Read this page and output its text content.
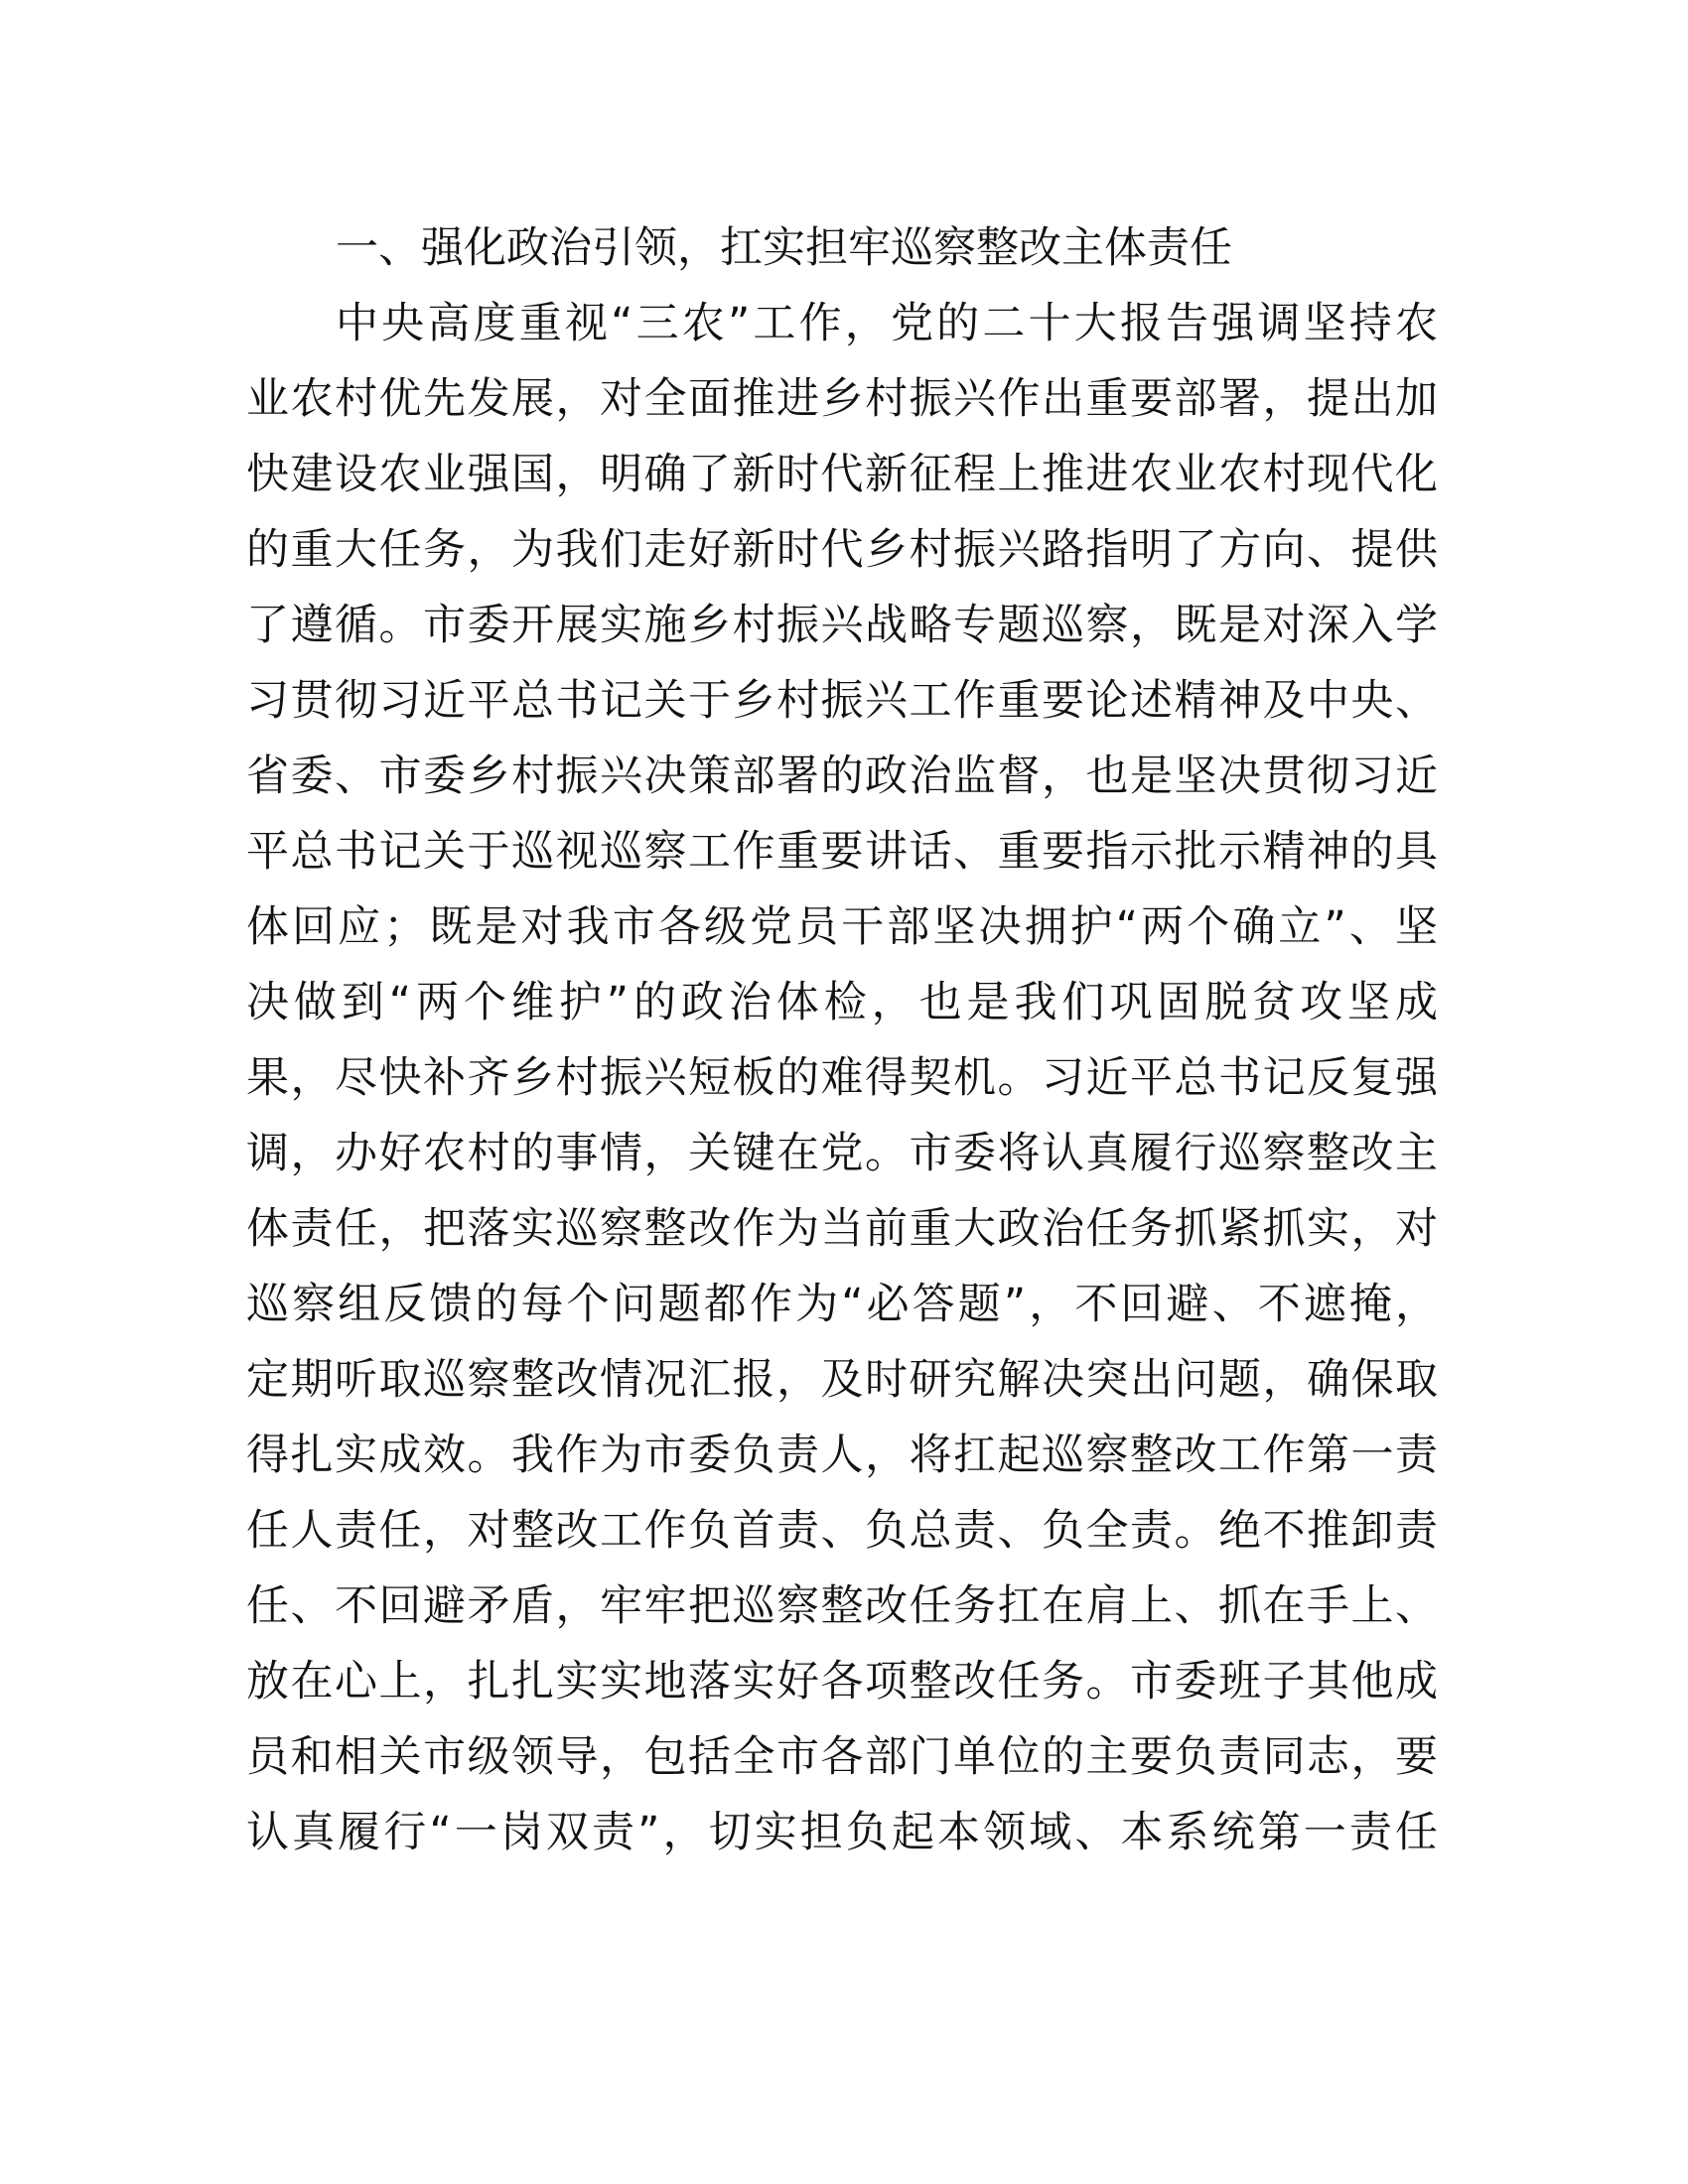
一、强化政治引领，扛实担牢巡察整改主体责任
中央高度重视“三农”工作，党的二十大报告强调坚持农
业农村优先发展，对全面推进乡村振兴作出重要部署，提出加
快建设农业强国，明确了新时代新征程上推进农业农村现代化
的重大任务，为我们走好新时代乡村振兴路指明了方向、提供
了遵循。市委开展实施乡村振兴战略专题巡察，既是对深入学
习贯彻习近平总书记关于乡村振兴工作重要论述精神及中央、
省委、市委乡村振兴决策部署的政治监督，也是坚决贯彻习近
平总书记关于巡视巡察工作重要讲话、重要指示批示精神的具
体回应；既是对我市各级党员干部坚决拥护“两个确立”、坚
决做到“两个维护”的政治体检，也是我们巩固脱贫攻坚成
果，尽快补齐乡村振兴短板的难得契机。习近平总书记反复强
调，办好农村的事情，关键在党。市委将认真履行巡察整改主
体责任，把落实巡察整改作为当前重大政治任务抓紧抓实，对
巡察组反馈的每个问题都作为“必答题”，不回避、不遮掩，
定期听取巡察整改情况汇报，及时研究解决突出问题，确保取
得扎实成效。我作为市委负责人，将扛起巡察整改工作第一责
任人责任，对整改工作负首责、负总责、负全责。绝不推卸责
任、不回避矛盾，牢牢把巡察整改任务扛在肩上、抓在手上、
放在心上，扎扎实实地落实好各项整改任务。市委班子其他成
员和相关市级领导，包括全市各部门单位的主要负责同志，要
认真履行“一岗双责”，切实担负起本领域、本系统第一责任
